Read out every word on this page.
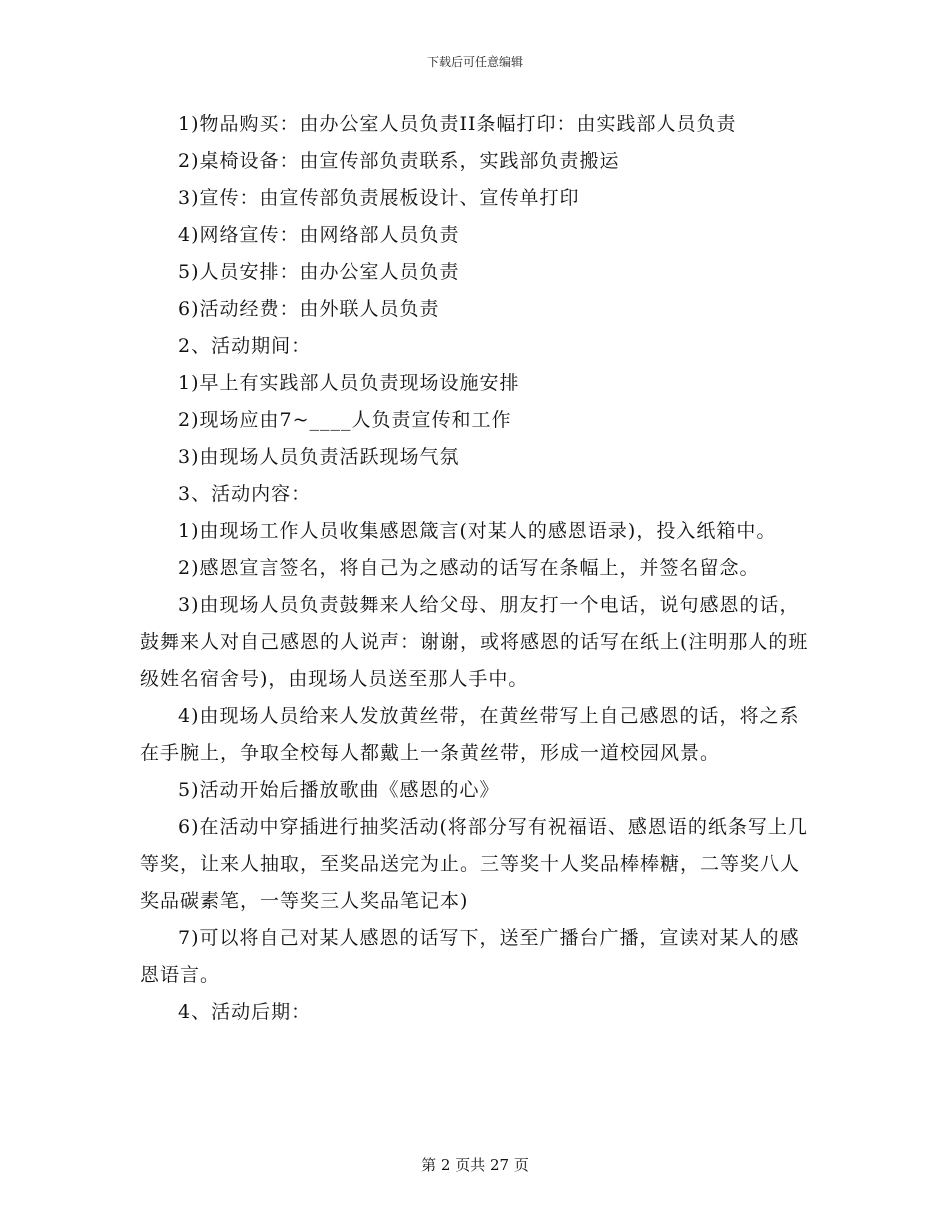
下载后可任意编辑

1)物品购买：由办公室人员负责II条幅打印：由实践部人员负责

2)桌椅设备：由宣传部负责联系，实践部负责搬运

3)宣传：由宣传部负责展板设计、宣传单打印

4)网络宣传：由网络部人员负责

5)人员安排：由办公室人员负责

6)活动经费：由外联人员负责

2、活动期间：

1)早上有实践部人员负责现场设施安排

2)现场应由7~____人负责宣传和工作

3)由现场人员负责活跃现场气氛

3、活动内容：

1)由现场工作人员收集感恩箴言(对某人的感恩语录)，投入纸箱中。

2)感恩宣言签名，将自己为之感动的话写在条幅上，并签名留念。

3)由现场人员负责鼓舞来人给父母、朋友打一个电话，说句感恩的话，鼓舞来人对自己感恩的人说声：谢谢，或将感恩的话写在纸上(注明那人的班级姓名宿舍号)，由现场人员送至那人手中。

4)由现场人员给来人发放黄丝带，在黄丝带写上自己感恩的话，将之系在手腕上，争取全校每人都戴上一条黄丝带，形成一道校园风景。

5)活动开始后播放歌曲《感恩的心》

6)在活动中穿插进行抽奖活动(将部分写有祝福语、感恩语的纸条写上几等奖，让来人抽取，至奖品送完为止。三等奖十人奖品棒棒糖，二等奖八人奖品碳素笔，一等奖三人奖品笔记本)

7)可以将自己对某人感恩的话写下，送至广播台广播，宣读对某人的感恩语言。

4、活动后期：

第 2 页共 27 页
